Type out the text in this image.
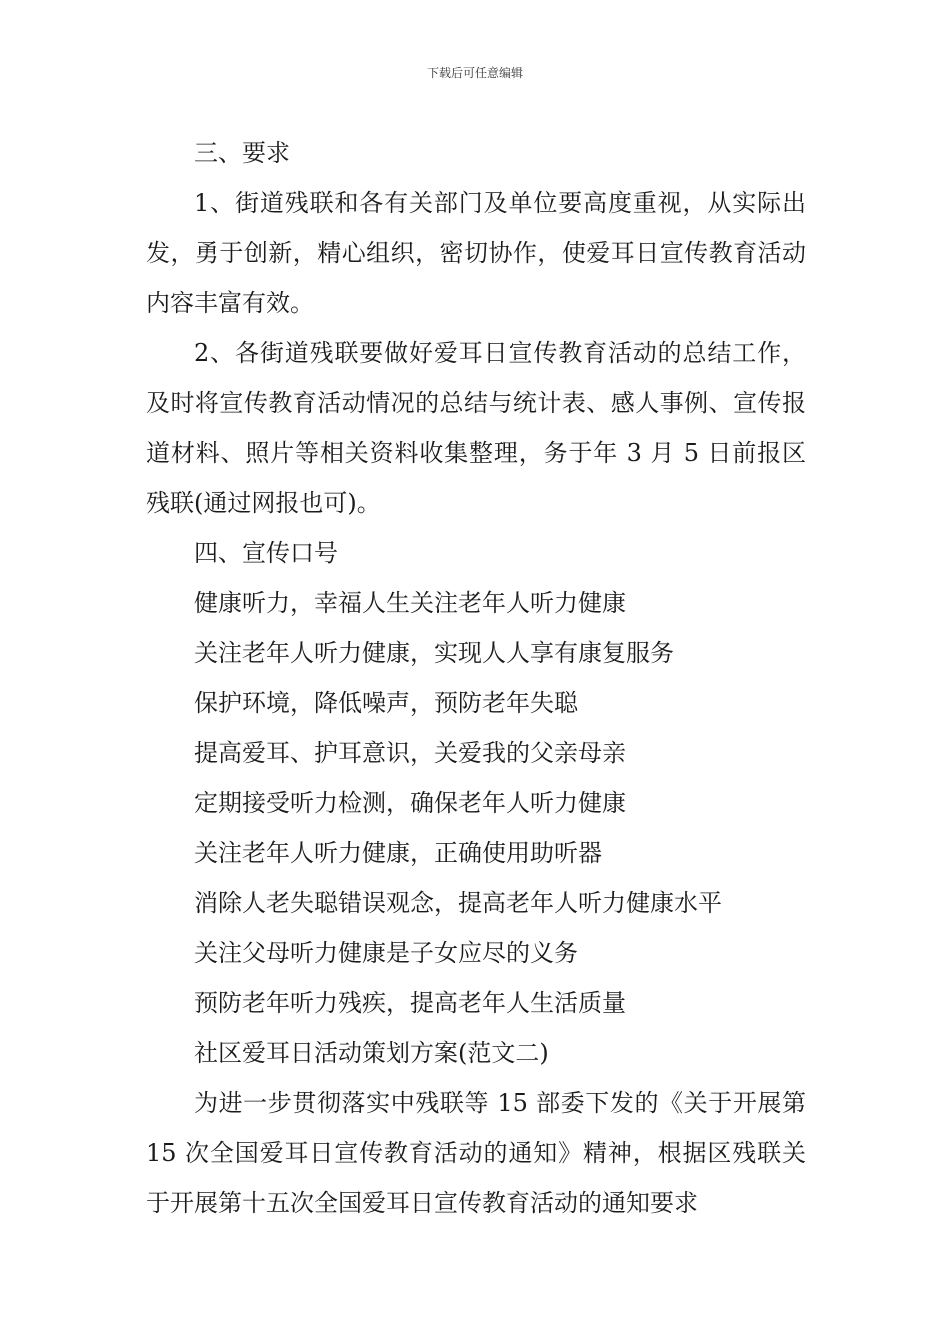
下载后可任意编辑

三、要求

1、街道残联和各有关部门及单位要高度重视，从实际出发，勇于创新，精心组织，密切协作，使爱耳日宣传教育活动内容丰富有效。

2、各街道残联要做好爱耳日宣传教育活动的总结工作，及时将宣传教育活动情况的总结与统计表、感人事例、宣传报道材料、照片等相关资料收集整理，务于年 3 月 5 日前报区残联(通过网报也可)。

四、宣传口号

健康听力，幸福人生关注老年人听力健康

关注老年人听力健康，实现人人享有康复服务

保护环境，降低噪声，预防老年失聪

提高爱耳、护耳意识，关爱我的父亲母亲

定期接受听力检测，确保老年人听力健康

关注老年人听力健康，正确使用助听器

消除人老失聪错误观念，提高老年人听力健康水平

关注父母听力健康是子女应尽的义务

预防老年听力残疾，提高老年人生活质量

社区爱耳日活动策划方案(范文二)

为进一步贯彻落实中残联等 15 部委下发的《关于开展第 15 次全国爱耳日宣传教育活动的通知》精神，根据区残联关于开展第十五次全国爱耳日宣传教育活动的通知要求
